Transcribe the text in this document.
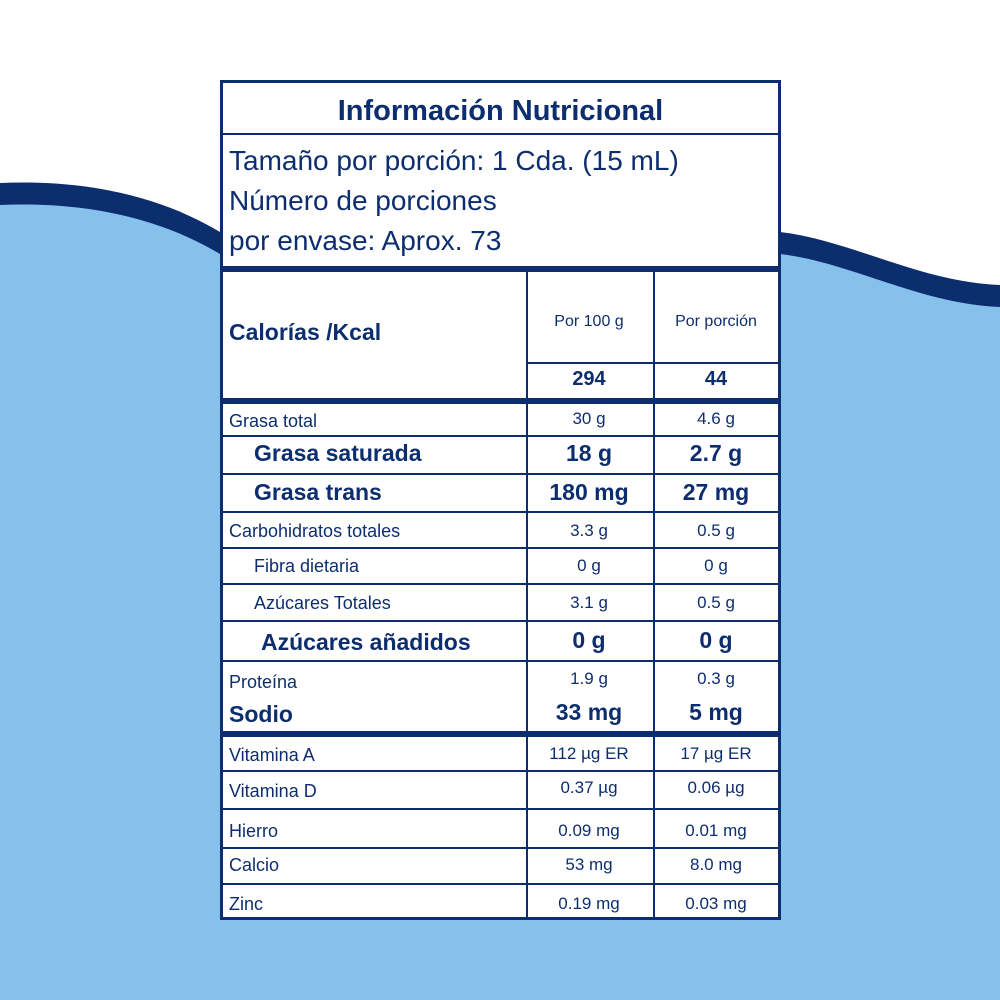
Información Nutricional
Tamaño por porción: 1 Cda. (15 mL)
Número de porciones
por envase: Aprox. 73
Calorías /Kcal	Por 100 g	Por porción
294	44
Grasa total	30 g	4.6 g
Grasa saturada	18 g	2.7 g
Grasa trans	180 mg	27 mg
Carbohidratos totales	3.3 g	0.5 g
Fibra dietaria	0 g	0 g
Azúcares Totales	3.1 g	0.5 g
Azúcares añadidos	0 g	0 g
Proteína	1.9 g	0.3 g
Sodio	33 mg	5 mg
Vitamina A	112 µg ER	17 µg ER
Vitamina D	0.37 µg	0.06 µg
Hierro	0.09 mg	0.01 mg
Calcio	53 mg	8.0 mg
Zinc	0.19 mg	0.03 mg
